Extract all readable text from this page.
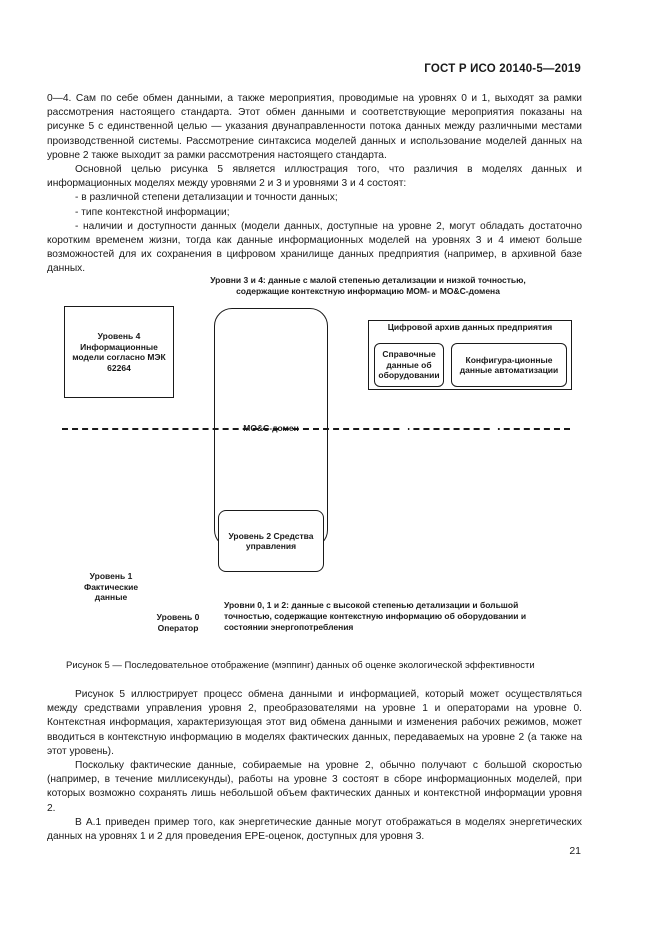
ГОСТ Р ИСО 20140-5—2019

0—4. Сам по себе обмен данными, а также мероприятия, проводимые на уровнях 0 и 1, выходят за рамки рассмотрения настоящего стандарта. Этот обмен данными и соответствующие мероприятия показаны на рисунке 5 с единственной целью — указания двунаправленности потока данных между различными местами производственной системы. Рассмотрение синтаксиса моделей данных и использование моделей данных на уровне 2 также выходит за рамки рассмотрения настоящего стандарта.

Основной целью рисунка 5 является иллюстрация того, что различия в моделях данных и информационных моделях между уровнями 2 и 3 и уровнями 3 и 4 состоят:

- в различной степени детализации и точности данных;

- типе контекстной информации;

- наличии и доступности данных (модели данных, доступные на уровне 2, могут обладать достаточно коротким временем жизни, тогда как данные информационных моделей на уровнях 3 и 4 имеют больше возможностей для их сохранения в цифровом хранилище данных предприятия (например, в архивной базе данных.

Уровни 3 и 4: данные с малой степенью детализации и низкой точностью, содержащие контекстную информацию MOM- и MO&C-домена
Уровень 4 Информационные модели согласно МЭК 62264
MO&C-домен
Цифровой архив данных предприятия
Справочные данные об оборудовании
Конфигура-ционные данные автоматизации
Уровень 2 Средства управления
Уровень 1 Фактические данные
Уровень 0 Оператор
Уровни 0, 1 и 2: данные с высокой степенью детализации и большой точностью, содержащие контекстную информацию об оборудовании и состоянии энергопотребления
Рисунок 5 — Последовательное отображение (мэппинг) данных об оценке экологической эффективности

Рисунок 5 иллюстрирует процесс обмена данными и информацией, который может осуществляться между средствами управления уровня 2, преобразователями на уровне 1 и операторами на уровне 0. Контекстная информация, характеризующая этот вид обмена данными и изменения рабочих режимов, может вводиться в контекстную информацию в моделях фактических данных, передаваемых на уровне 2 (а также на этот уровень).

Поскольку фактические данные, собираемые на уровне 2, обычно получают с большой скоростью (например, в течение миллисекунды), работы на уровне 3 состоят в сборе информационных моделей, при которых возможно сохранять лишь небольшой объем фактических данных и контекстной информации уровня 2.

В А.1 приведен пример того, как энергетические данные могут отображаться в моделях энергетических данных на уровнях 1 и 2 для проведения EPE-оценок, доступных для уровня 3.

21
